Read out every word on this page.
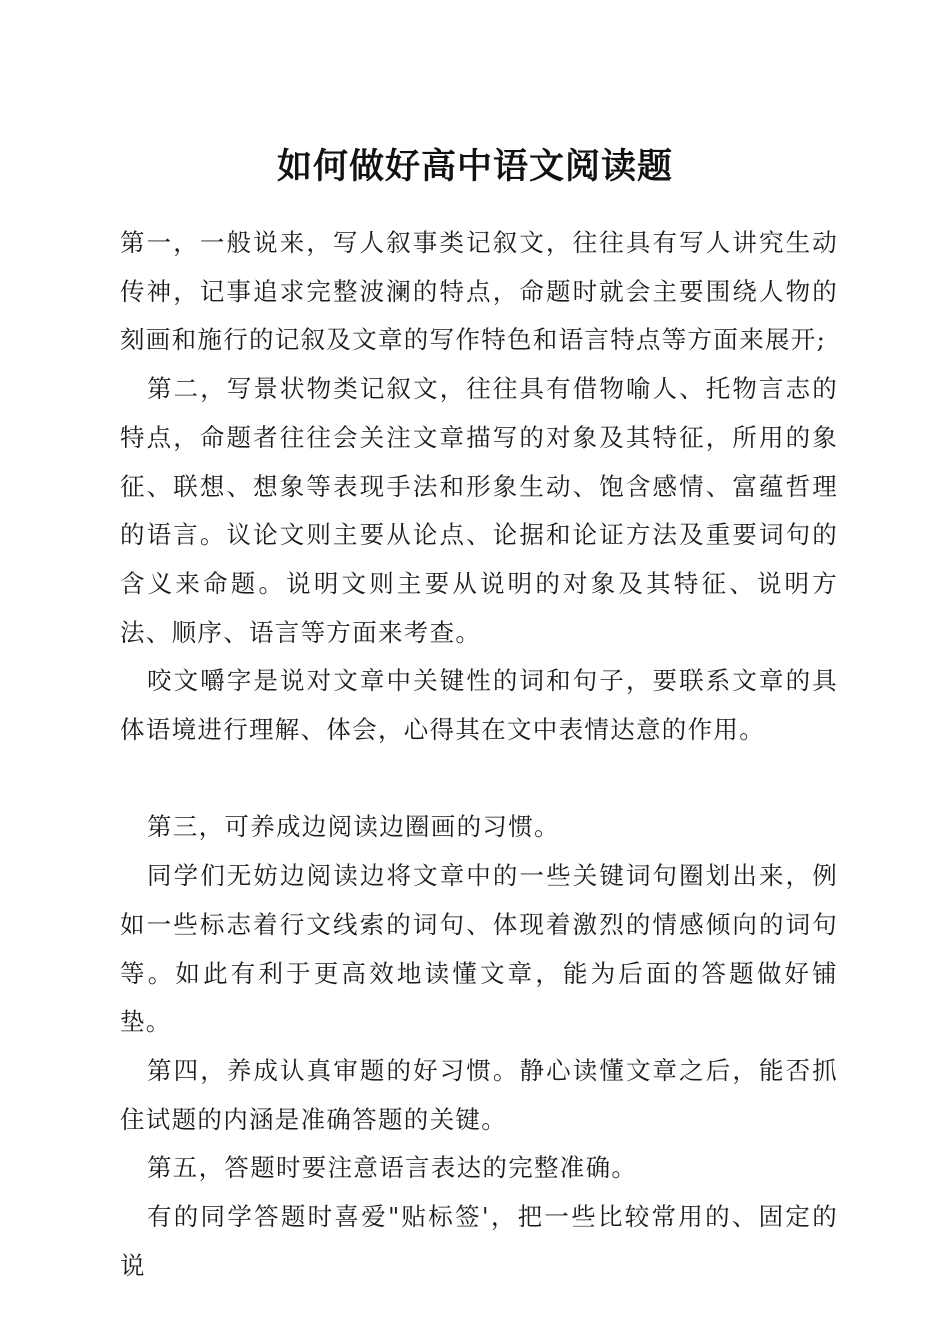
如何做好高中语文阅读题

第一，一般说来，写人叙事类记叙文，往往具有写人讲究生动传神，记事追求完整波澜的特点，命题时就会主要围绕人物的刻画和施行的记叙及文章的写作特色和语言特点等方面来展开;

第二，写景状物类记叙文，往往具有借物喻人、托物言志的特点，命题者往往会关注文章描写的对象及其特征，所用的象征、联想、想象等表现手法和形象生动、饱含感情、富蕴哲理的语言。议论文则主要从论点、论据和论证方法及重要词句的含义来命题。说明文则主要从说明的对象及其特征、说明方法、顺序、语言等方面来考查。

咬文嚼字是说对文章中关键性的词和句子，要联系文章的具体语境进行理解、体会，心得其在文中表情达意的作用。

第三，可养成边阅读边圈画的习惯。

同学们无妨边阅读边将文章中的一些关键词句圈划出来，例如一些标志着行文线索的词句、体现着激烈的情感倾向的词句等。如此有利于更高效地读懂文章，能为后面的答题做好铺垫。

第四，养成认真审题的好习惯。静心读懂文章之后，能否抓住试题的内涵是准确答题的关键。

第五，答题时要注意语言表达的完整准确。

有的同学答题时喜爱"贴标签'，把一些比较常用的、固定的说
